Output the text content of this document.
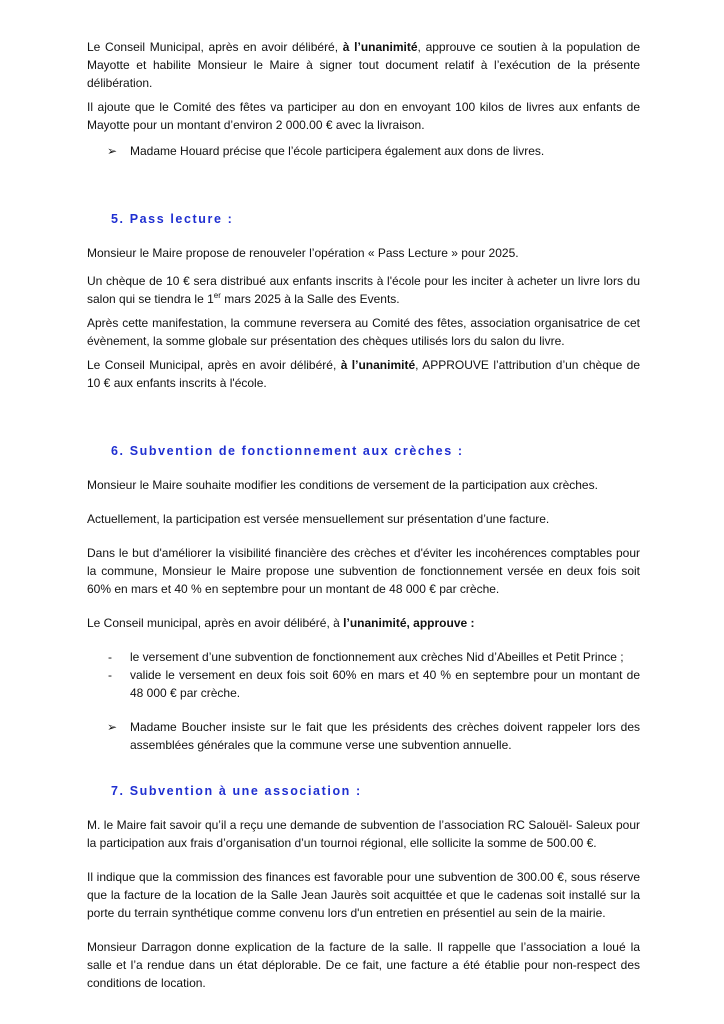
Le Conseil Municipal, après en avoir délibéré, à l’unanimité, approuve ce soutien à la population de Mayotte et habilite Monsieur le Maire à signer tout document relatif à l’exécution de la présente délibération.

Il ajoute que le Comité des fêtes va participer au don en envoyant 100 kilos de livres aux enfants de Mayotte pour un montant d’environ 2 000.00 € avec la livraison.

➢	Madame Houard précise que l’école participera également aux dons de livres.
5. Pass lecture :

Monsieur le Maire propose de renouveler l’opération « Pass Lecture » pour 2025.

Un chèque de 10 € sera distribué aux enfants inscrits à l'école pour les inciter à acheter un livre lors du salon qui se tiendra le 1er mars 2025 à la Salle des Events.

Après cette manifestation, la commune reversera au Comité des fêtes, association organisatrice de cet évènement, la somme globale sur présentation des chèques utilisés lors du salon du livre.

Le Conseil Municipal, après en avoir délibéré, à l’unanimité, APPROUVE l’attribution d’un chèque de 10 € aux enfants inscrits à l'école.

6. Subvention de fonctionnement aux crèches :

Monsieur le Maire souhaite modifier les conditions de versement de la participation aux crèches.

Actuellement, la participation est versée mensuellement sur présentation d’une facture.

Dans le but d'améliorer la visibilité financière des crèches et d'éviter les incohérences comptables pour la commune, Monsieur le Maire propose une subvention de fonctionnement versée en deux fois soit 60% en mars et 40 % en septembre pour un montant de 48 000 € par crèche.

Le Conseil municipal, après en avoir délibéré, à l’unanimité, approuve :

-	le versement d’une subvention de fonctionnement aux crèches Nid d’Abeilles et Petit Prince ;
-	valide le versement en deux fois soit 60% en mars et 40 % en septembre pour un montant de 48 000 € par crèche.
➢	Madame Boucher insiste sur le fait que les présidents des crèches doivent rappeler lors des assemblées générales que la commune verse une subvention annuelle.
7. Subvention à une association :

M. le Maire fait savoir qu’il a reçu une demande de subvention de l’association RC Salouël- Saleux pour la participation aux frais d’organisation d’un tournoi régional, elle sollicite la somme de 500.00 €.

Il indique que la commission des finances est favorable pour une subvention de 300.00 €, sous réserve que la facture de la location de la Salle Jean Jaurès soit acquittée et que le cadenas soit installé sur la porte du terrain synthétique comme convenu lors d'un entretien en présentiel au sein de la mairie.

Monsieur Darragon donne explication de la facture de la salle. Il rappelle que l’association a loué la salle et l’a rendue dans un état déplorable. De ce fait, une facture a été établie pour non-respect des conditions de location.
